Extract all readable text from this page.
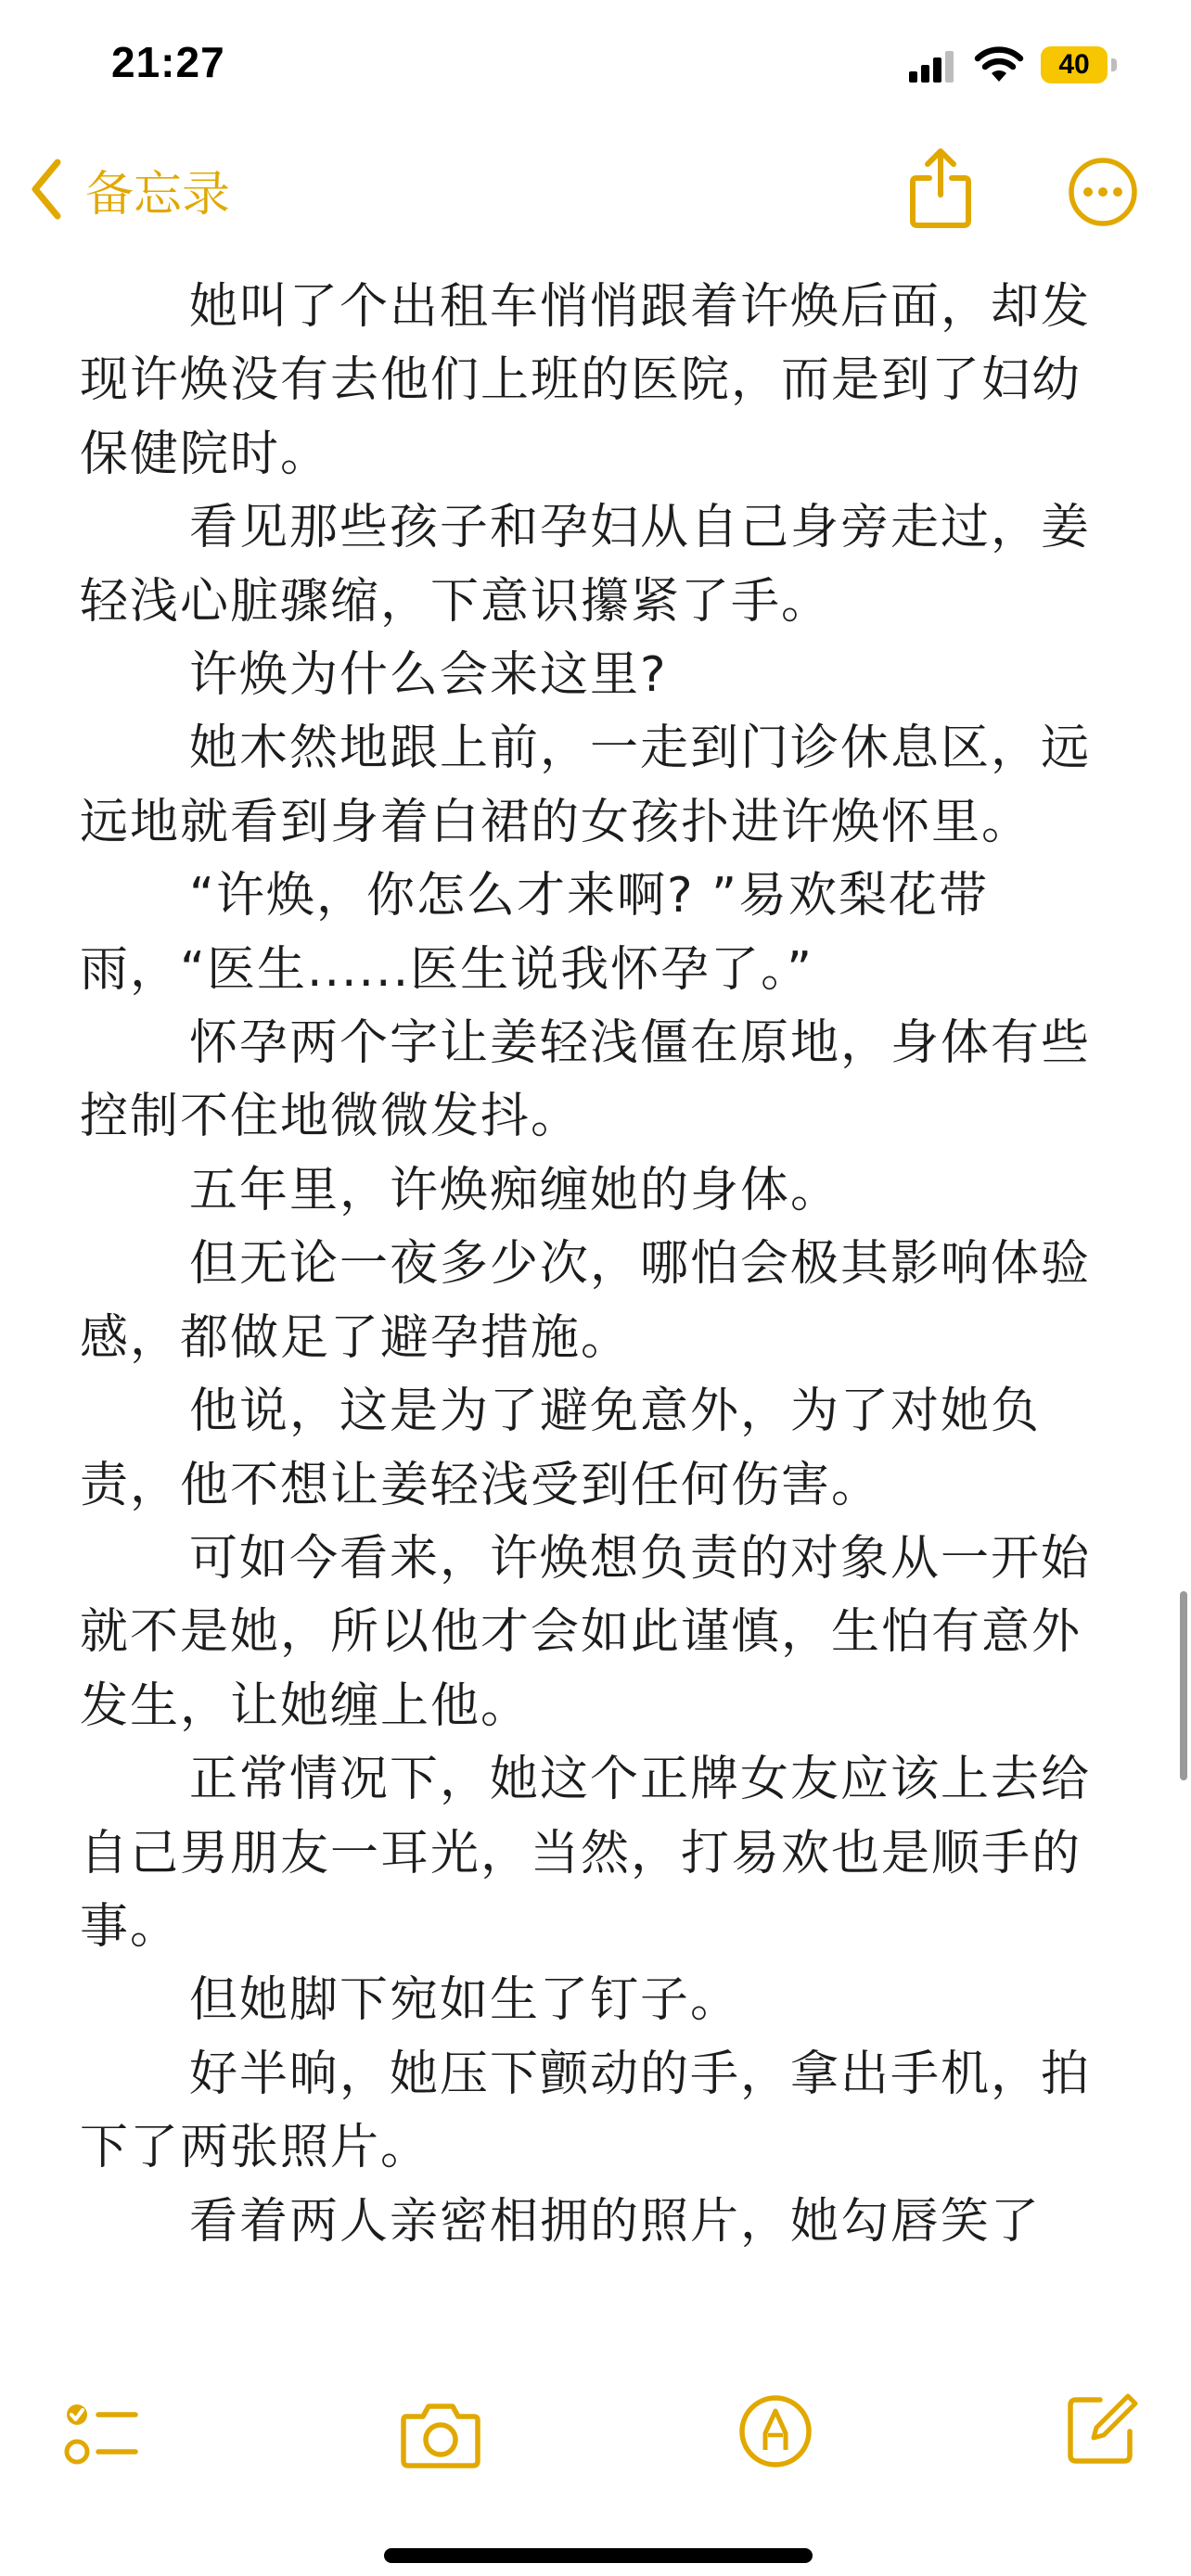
21:27	40
备忘录

她叫了个出租车悄悄跟着许焕后面，却发现许焕没有去他们上班的医院，而是到了妇幼保健院时。

看见那些孩子和孕妇从自己身旁走过，姜轻浅心脏骤缩，下意识攥紧了手。

许焕为什么会来这里?

她木然地跟上前，一走到门诊休息区，远远地就看到身着白裙的女孩扑进许焕怀里。

“许焕，你怎么才来啊? ”易欢梨花带雨，“医生......医生说我怀孕了。”

怀孕两个字让姜轻浅僵在原地，身体有些控制不住地微微发抖。

五年里，许焕痴缠她的身体。

但无论一夜多少次，哪怕会极其影响体验感，都做足了避孕措施。

他说，这是为了避免意外，为了对她负责，他不想让姜轻浅受到任何伤害。

可如今看来，许焕想负责的对象从一开始就不是她，所以他才会如此谨慎，生怕有意外发生，让她缠上他。

正常情况下，她这个正牌女友应该上去给自己男朋友一耳光，当然，打易欢也是顺手的事。

但她脚下宛如生了钉子。

好半晌，她压下颤动的手，拿出手机，拍下了两张照片。

看着两人亲密相拥的照片，她勾唇笑了
